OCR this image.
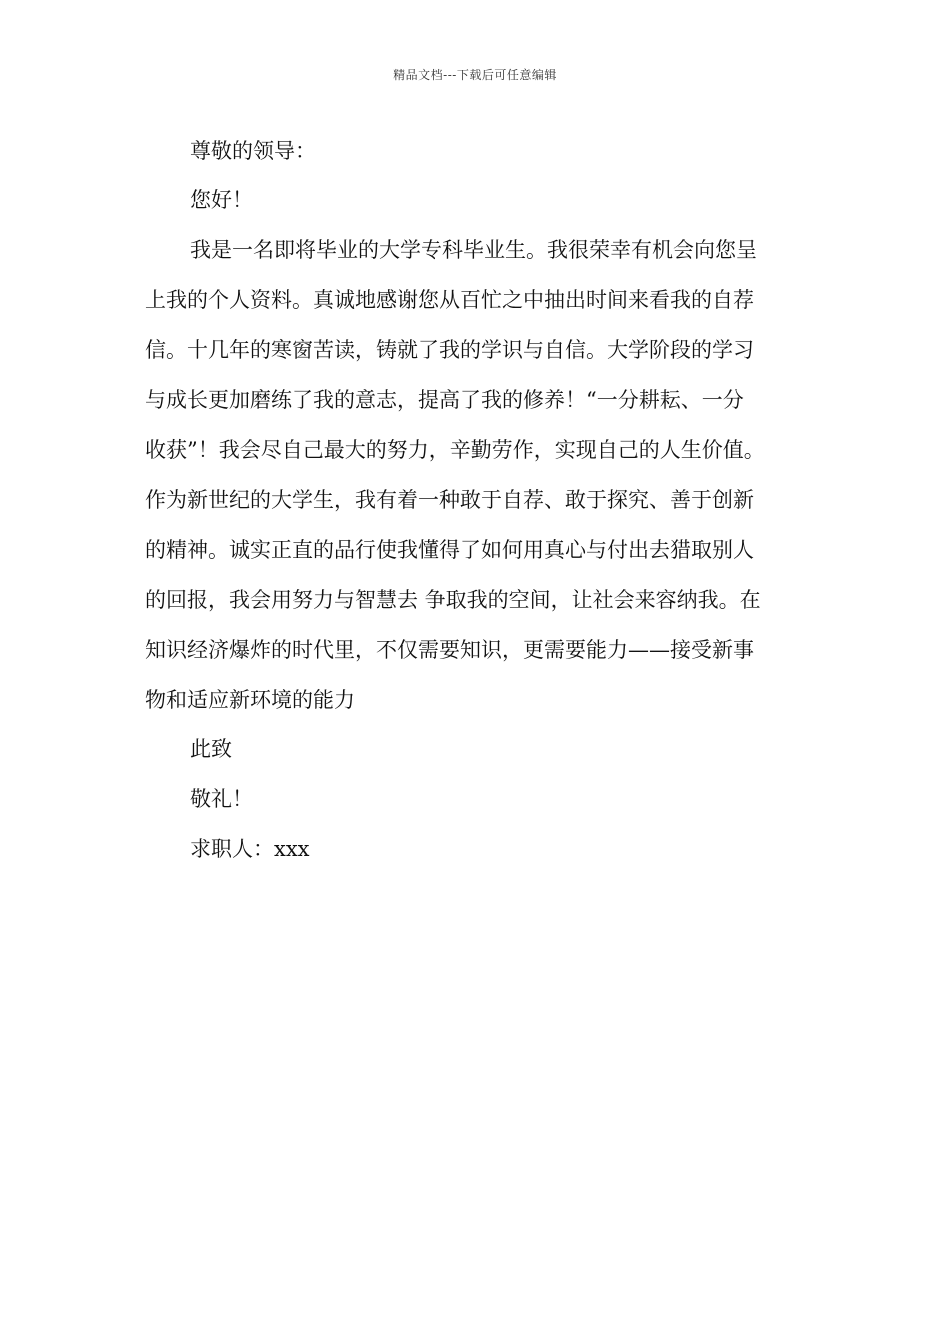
精品文档---下载后可任意编辑
尊敬的领导：
您好！
我是一名即将毕业的大学专科毕业生。我很荣幸有机会向您呈
上我的个人资料。真诚地感谢您从百忙之中抽出时间来看我的自荐
信。十几年的寒窗苦读，铸就了我的学识与自信。大学阶段的学习
与成长更加磨练了我的意志，提高了我的修养！“一分耕耘、一分
收获”！我会尽自己最大的努力，辛勤劳作，实现自己的人生价值。
作为新世纪的大学生，我有着一种敢于自荐、敢于探究、善于创新
的精神。诚实正直的品行使我懂得了如何用真心与付出去猎取别人
的回报，我会用努力与智慧去 争取我的空间，让社会来容纳我。在
知识经济爆炸的时代里，不仅需要知识，更需要能力——接受新事
物和适应新环境的能力
此致
敬礼！
求职人：xxx
